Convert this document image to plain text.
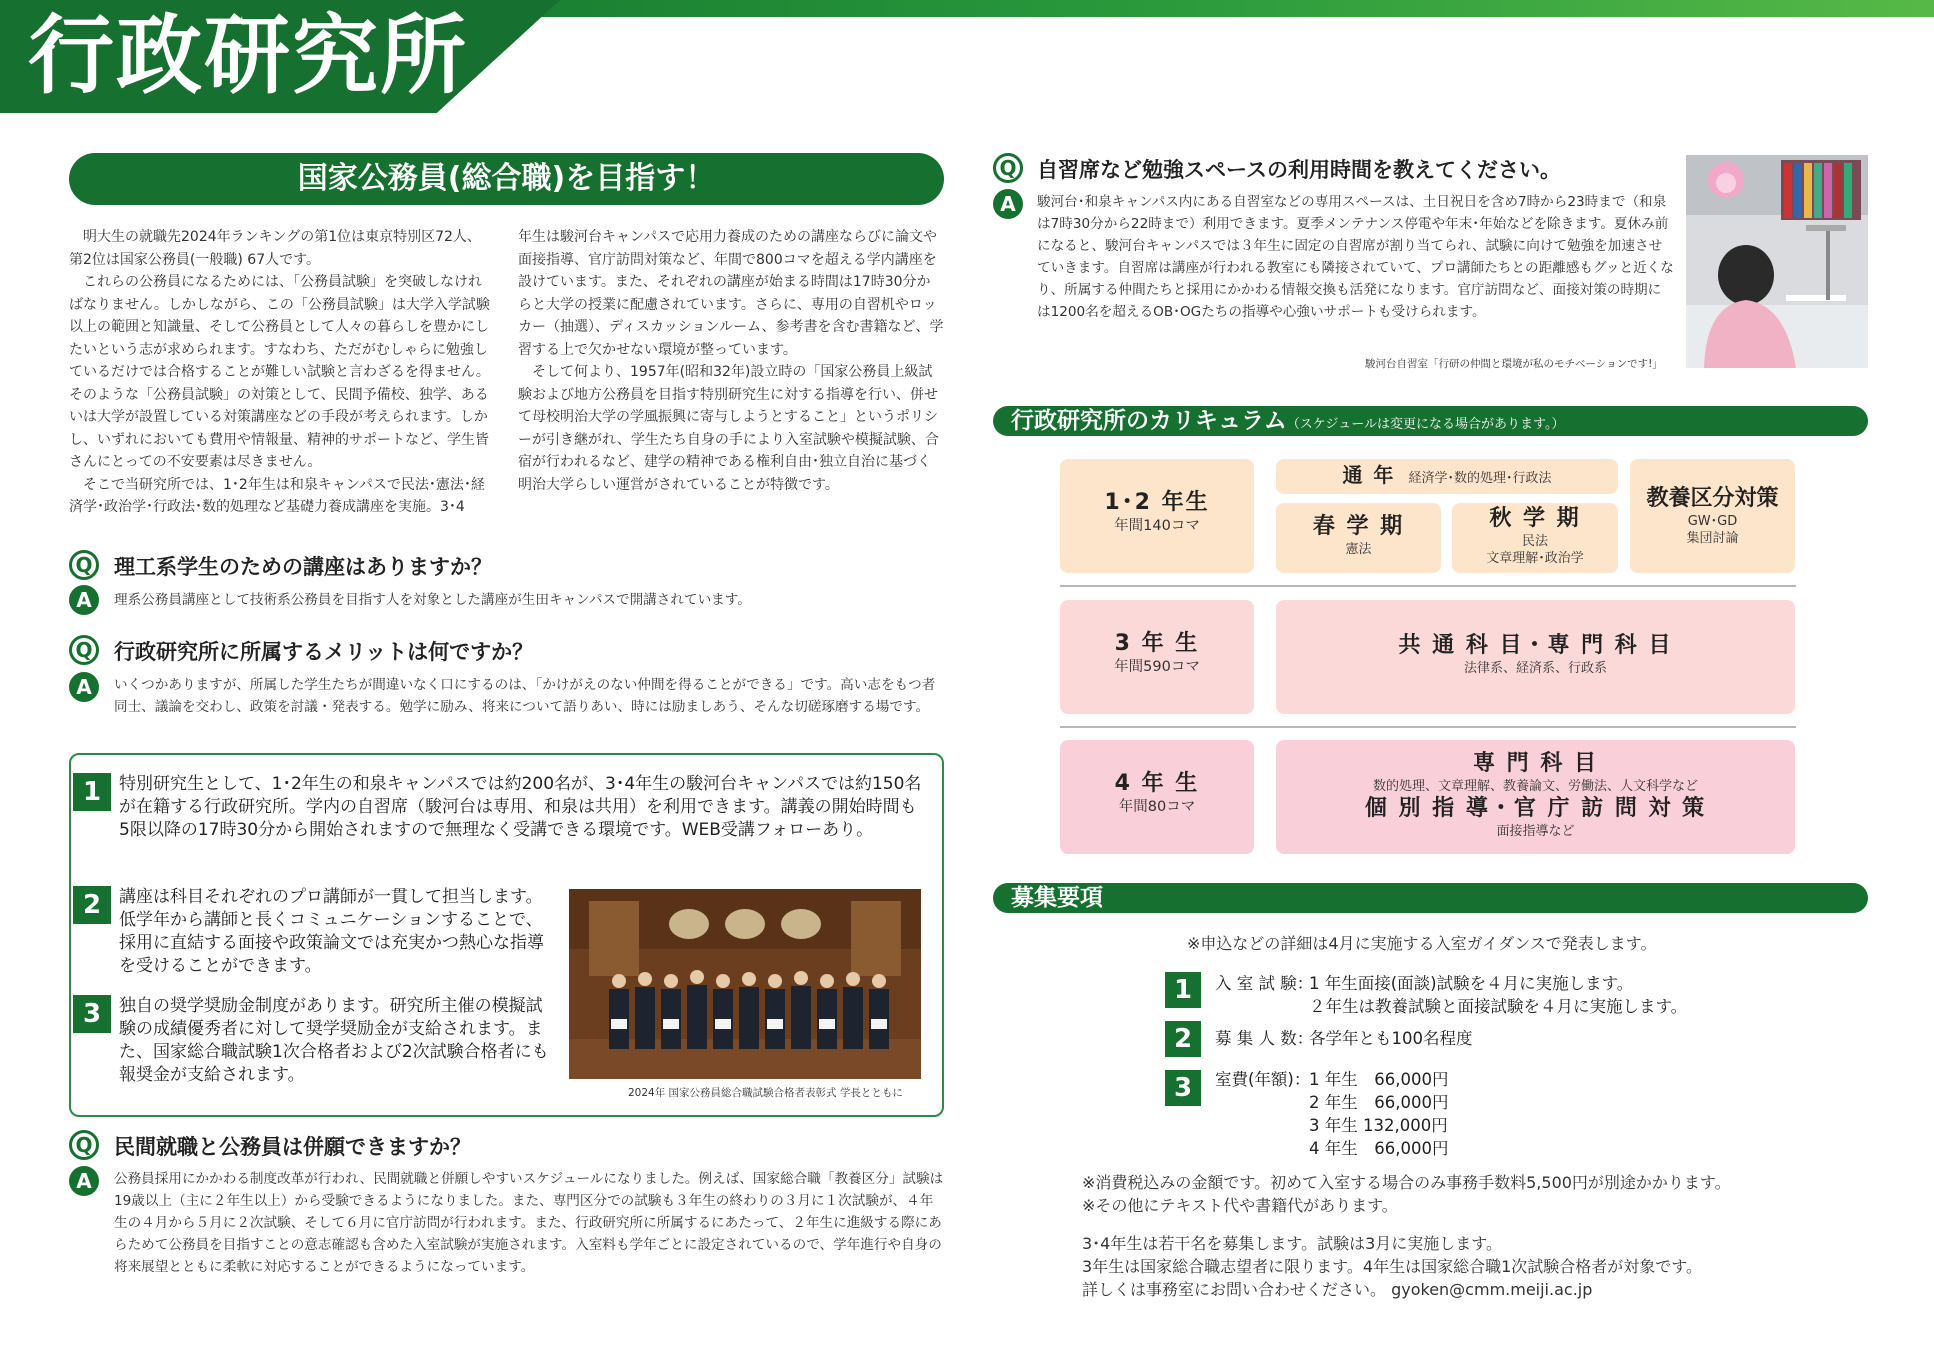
行政研究所
国家公務員(総合職)を目指す！

明大生の就職先2024年ランキングの第1位は東京特別区72人、第2位は国家公務員(一般職) 67人です。

これらの公務員になるためには、「公務員試験」を突破しなければなりません。しかしながら、この「公務員試験」は大学入学試験以上の範囲と知識量、そして公務員として人々の暮らしを豊かにしたいという志が求められます。すなわち、ただがむしゃらに勉強しているだけでは合格することが難しい試験と言わざるを得ません。そのような「公務員試験」の対策として、民間予備校、独学、あるいは大学が設置している対策講座などの手段が考えられます。しかし、いずれにおいても費用や情報量、精神的サポートなど、学生皆さんにとっての不安要素は尽きません。

そこで当研究所では、1･2年生は和泉キャンパスで民法･憲法･経済学･政治学･行政法･数的処理など基礎力養成講座を実施。3･4

年生は駿河台キャンパスで応用力養成のための講座ならびに論文や面接指導、官庁訪問対策など、年間で800コマを超える学内講座を設けています。また、それぞれの講座が始まる時間は17時30分からと大学の授業に配慮されています。さらに、専用の自習机やロッカー（抽選）、ディスカッションルーム、参考書を含む書籍など、学習する上で欠かせない環境が整っています。

そして何より、1957年(昭和32年)設立時の「国家公務員上級試験および地方公務員を目指す特別研究生に対する指導を行い、併せて母校明治大学の学風振興に寄与しようとすること」というポリシーが引き継がれ、学生たち自身の手により入室試験や模擬試験、合宿が行われるなど、建学の精神である権利自由･独立自治に基づく明治大学らしい運営がされていることが特徴です。

Q	理工系学生のための講座はありますか？
A	理系公務員講座として技術系公務員を目指す人を対象とした講座が生田キャンパスで開講されています。
Q	行政研究所に所属するメリットは何ですか？
A	いくつかありますが、所属した学生たちが間違いなく口にするのは、「かけがえのない仲間を得ることができる」です。高い志をもつ者同士、議論を交わし、政策を討議・発表する。勉学に励み、将来について語りあい、時には励ましあう、そんな切磋琢磨する場です。
1	特別研究生として、1･2年生の和泉キャンパスでは約200名が、3･4年生の駿河台キャンパスでは約150名が在籍する行政研究所。学内の自習席（駿河台は専用、和泉は共用）を利用できます。講義の開始時間も5限以降の17時30分から開始されますので無理なく受講できる環境です。WEB受講フォローあり。
2	講座は科目それぞれのプロ講師が一貫して担当します。低学年から講師と長くコミュニケーションすることで、採用に直結する面接や政策論文では充実かつ熱心な指導を受けることができます。
3	独自の奨学奨励金制度があります。研究所主催の模擬試験の成績優秀者に対して奨学奨励金が支給されます。また、国家総合職試験1次合格者および2次試験合格者にも報奨金が支給されます。
2024年 国家公務員総合職試験合格者表彰式 学長とともに
Q	民間就職と公務員は併願できますか？
A	公務員採用にかかわる制度改革が行われ、民間就職と併願しやすいスケジュールになりました。例えば、国家総合職「教養区分」試験は19歳以上（主に２年生以上）から受験できるようになりました。また、専門区分での試験も３年生の終わりの３月に１次試験が、４年生の４月から５月に２次試験、そして６月に官庁訪問が行われます。また、行政研究所に所属するにあたって、２年生に進級する際にあらためて公務員を目指すことの意志確認も含めた入室試験が実施されます。入室料も学年ごとに設定されているので、学年進行や自身の将来展望とともに柔軟に対応することができるようになっています。
Q 自習席など勉強スペースの利用時間を教えてください。
A	駿河台･和泉キャンパス内にある自習室などの専用スペースは、土日祝日を含め7時から23時まで（和泉は7時30分から22時まで）利用できます。夏季メンテナンス停電や年末･年始などを除きます。夏休み前になると、駿河台キャンパスでは３年生に固定の自習席が割り当てられ、試験に向けて勉強を加速させていきます。自習席は講座が行われる教室にも隣接されていて、プロ講師たちとの距離感もグッと近くなり、所属する仲間たちと採用にかかわる情報交換も活発になります。官庁訪問など、面接対策の時期には1200名を超えるOB･OGたちの指導や心強いサポートも受けられます。
駿河台自習室「行研の仲間と環境が私のモチベーションです!」
行政研究所のカリキュラム（スケジュールは変更になる場合があります。）
1･2 年生
年間140コマ
通 年 経済学･数的処理･行政法
春 学 期
憲法
秋 学 期
民法
文章理解･政治学
教養区分対策
GW･GD
集団討論
3 年 生
年間590コマ
共 通 科 目・専 門 科 目
法律系、経済系、行政系
4 年 生
年間80コマ
専 門 科 目
数的処理、文章理解、教養論文、労働法、人文科学など
個 別 指 導・官 庁 訪 問 対 策
面接指導など
募集要項
※申込などの詳細は4月に実施する入室ガイダンスで発表します。
1	入 室 試 験：
1 年生面接(面談)試験を４月に実施します。
２年生は教養試験と面接試験を４月に実施します。
2	募 集 人 数：
各学年とも100名程度
3	室費(年額)：
1 年生　66,000円
2 年生　66,000円
3 年生 132,000円
4 年生　66,000円
※消費税込みの金額です。初めて入室する場合のみ事務手数料5,500円が別途かかります。
※その他にテキスト代や書籍代があります。
3･4年生は若干名を募集します。試験は3月に実施します。
3年生は国家総合職志望者に限ります。4年生は国家総合職1次試験合格者が対象です。
詳しくは事務室にお問い合わせください。 gyoken@cmm.meiji.ac.jp
